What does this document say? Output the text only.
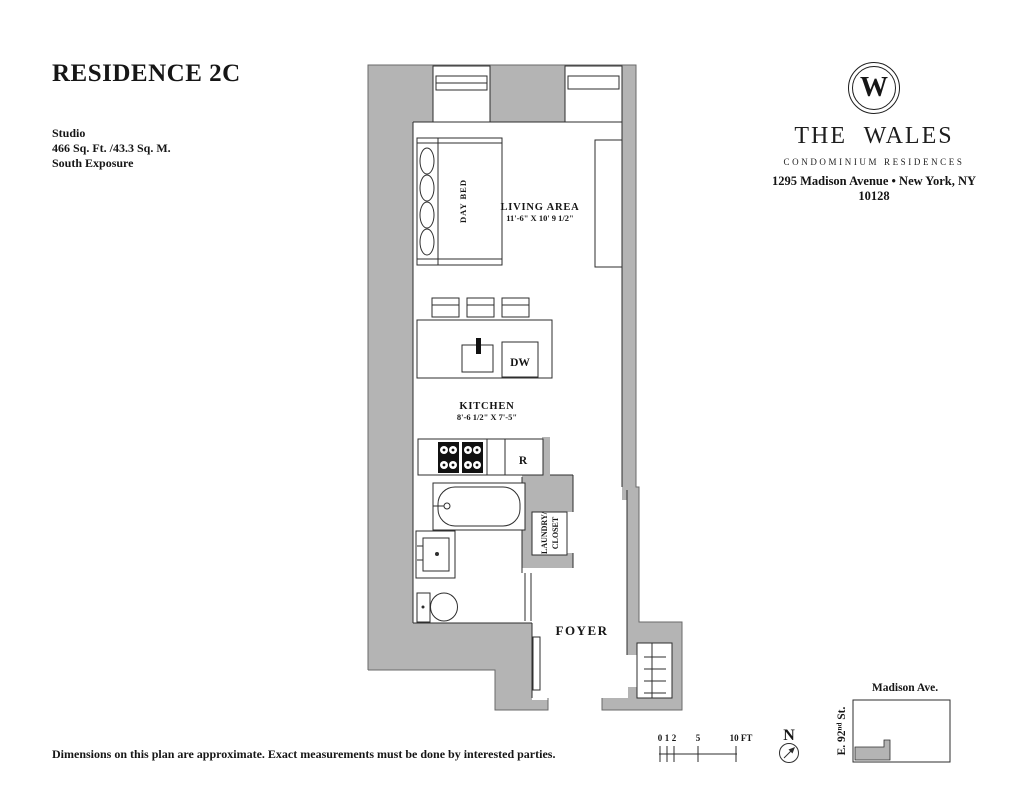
RESIDENCE 2C
Studio
466 Sq. Ft. /43.3 Sq. M.
South Exposure
W
THE WALES
CONDOMINIUM RESIDENCES
1295 Madison Avenue • New York, NY 10128
Dimensions on this plan are approximate. Exact measurements must be done by interested parties.
LIVING AREA
11'-6" X 10' 9 1/2"
KITCHEN
8'-6 1/2" X 7'-5"
DAY BED
DW
R
LAUNDRY/ CLOSET
FOYER
0 1 2 5	10 FT N
Madison Ave.
E. 92nd St.
